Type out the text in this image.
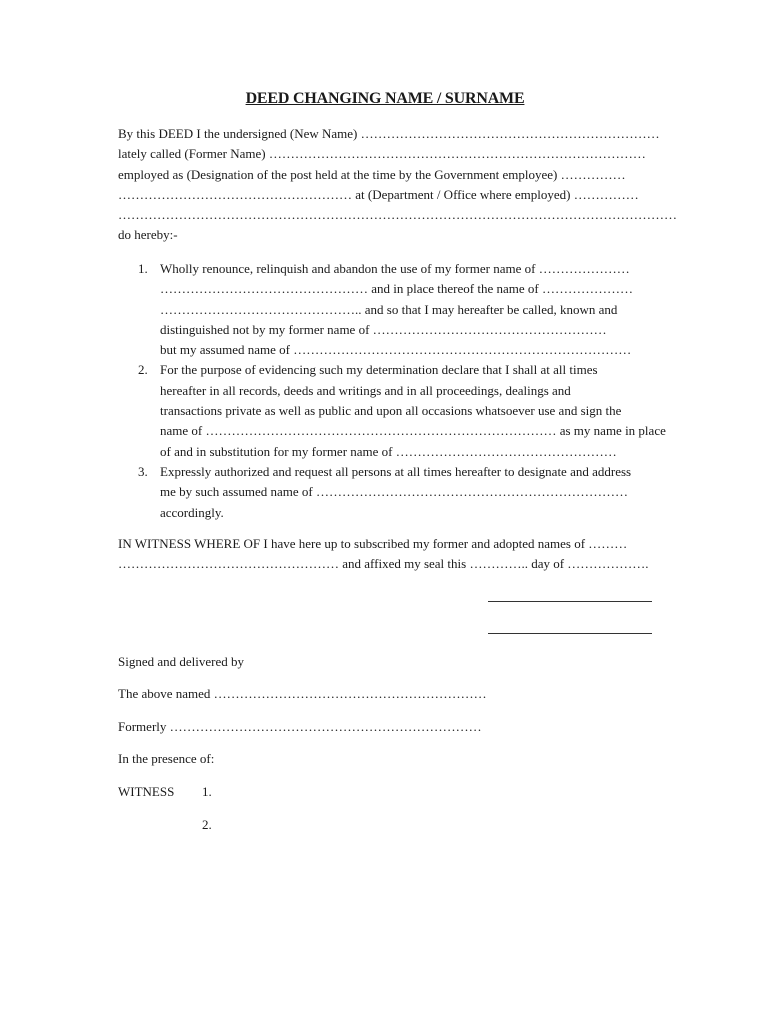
DEED CHANGING NAME / SURNAME
By this DEED I the undersigned (New Name) ……………………………………………………………
lately called (Former Name) ……………………………………………………………………………
employed as (Designation of the post held at the time by the Government employee) ……………
……………………………………………… at (Department / Office where employed) ……………
…………………………………………………………………………………………………………………
do hereby:-
1. Wholly renounce, relinquish and abandon the use of my former name of …………………
………………………………………… and in place thereof the name of …………………
……………………………………….. and so that I may hereafter be called, known and
distinguished not by my former name of ………………………………………………
but my assumed name of ……………………………………………………………………
2. For the purpose of evidencing such my determination declare that I shall at all times
hereafter in all records, deeds and writings and in all proceedings, dealings and
transactions private as well as public and upon all occasions whatsoever use and sign the
name of ……………………………………………………………………… as my name in place
of and in substitution for my former name of ……………………………………………
3. Expressly authorized and request all persons at all times hereafter to designate and address
me by such assumed name of ………………………………………………………………
accordingly.
IN WITNESS WHERE OF I have here up to subscribed my former and adopted names of ………
…………………………………………… and affixed my seal this ………….. day of ……………….
Signed and delivered by
The above named ………………………………………………………
Formerly ………………………………………………………………
In the presence of:
WITNESS 1.
2.
